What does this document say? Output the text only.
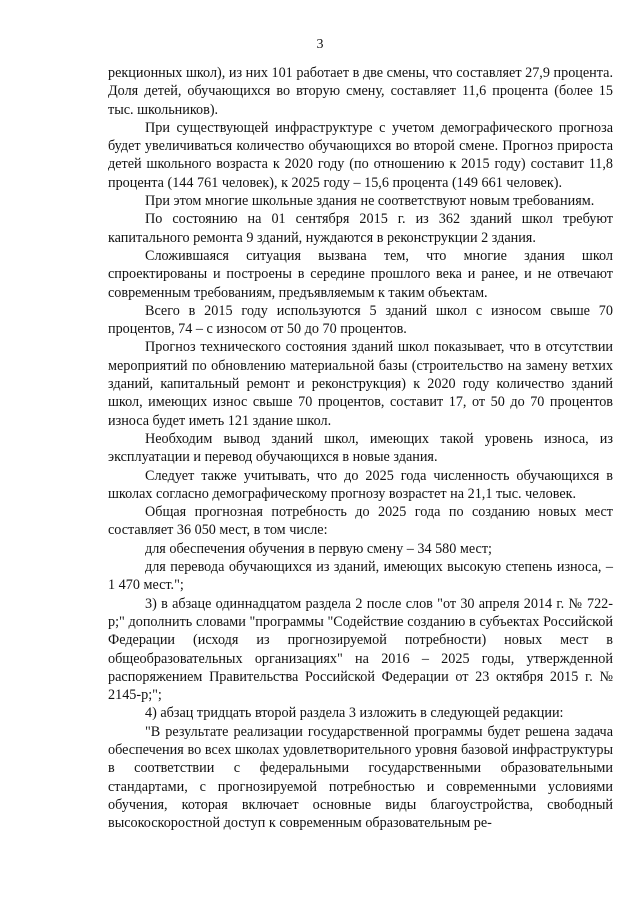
3

рекционных школ), из них 101 работает в две смены, что составляет 27,9 процента. Доля детей, обучающихся во вторую смену, составляет 11,6 процента (более 15 тыс. школьников).

При существующей инфраструктуре с учетом демографического прогноза будет увеличиваться количество обучающихся во второй смене. Прогноз прироста детей школьного возраста к 2020 году (по отношению к 2015 году) составит 11,8 процента (144 761 человек), к 2025 году – 15,6 процента (149 661 человек).

При этом многие школьные здания не соответствуют новым требованиям.

По состоянию на 01 сентября 2015 г. из 362 зданий школ требуют капитального ремонта 9 зданий, нуждаются в реконструкции 2 здания.

Сложившаяся ситуация вызвана тем, что многие здания школ спроектированы и построены в середине прошлого века и ранее, и не отвечают современным требованиям, предъявляемым к таким объектам.

Всего в 2015 году используются 5 зданий школ с износом свыше 70 процентов, 74 – с износом от 50 до 70 процентов.

Прогноз технического состояния зданий школ показывает, что в отсутствии мероприятий по обновлению материальной базы (строительство на замену ветхих зданий, капитальный ремонт и реконструкция) к 2020 году количество зданий школ, имеющих износ свыше 70 процентов, составит 17, от 50 до 70 процентов износа будет иметь 121 здание школ.

Необходим вывод зданий школ, имеющих такой уровень износа, из эксплуатации и перевод обучающихся в новые здания.

Следует также учитывать, что до 2025 года численность обучающихся в школах согласно демографическому прогнозу возрастет на 21,1 тыс. человек.

Общая прогнозная потребность до 2025 года по созданию новых мест составляет 36 050 мест, в том числе:

для обеспечения обучения в первую смену – 34 580 мест;

для перевода обучающихся из зданий, имеющих высокую степень износа, – 1 470 мест.";

3) в абзаце одиннадцатом раздела 2 после слов "от 30 апреля 2014 г. № 722-р;" дополнить словами "программы "Содействие созданию в субъектах Российской Федерации (исходя из прогнозируемой потребности) новых мест в общеобразовательных организациях" на 2016 – 2025 годы, утвержденной распоряжением Правительства Российской Федерации от 23 октября 2015 г. № 2145-р;";

4) абзац тридцать второй раздела 3 изложить в следующей редакции:

"В результате реализации государственной программы будет решена задача обеспечения во всех школах удовлетворительного уровня базовой инфраструктуры в соответствии с федеральными государственными образовательными стандартами, с прогнозируемой потребностью и современными условиями обучения, которая включает основные виды благоустройства, свободный высокоскоростной доступ к современным образовательным ре-
